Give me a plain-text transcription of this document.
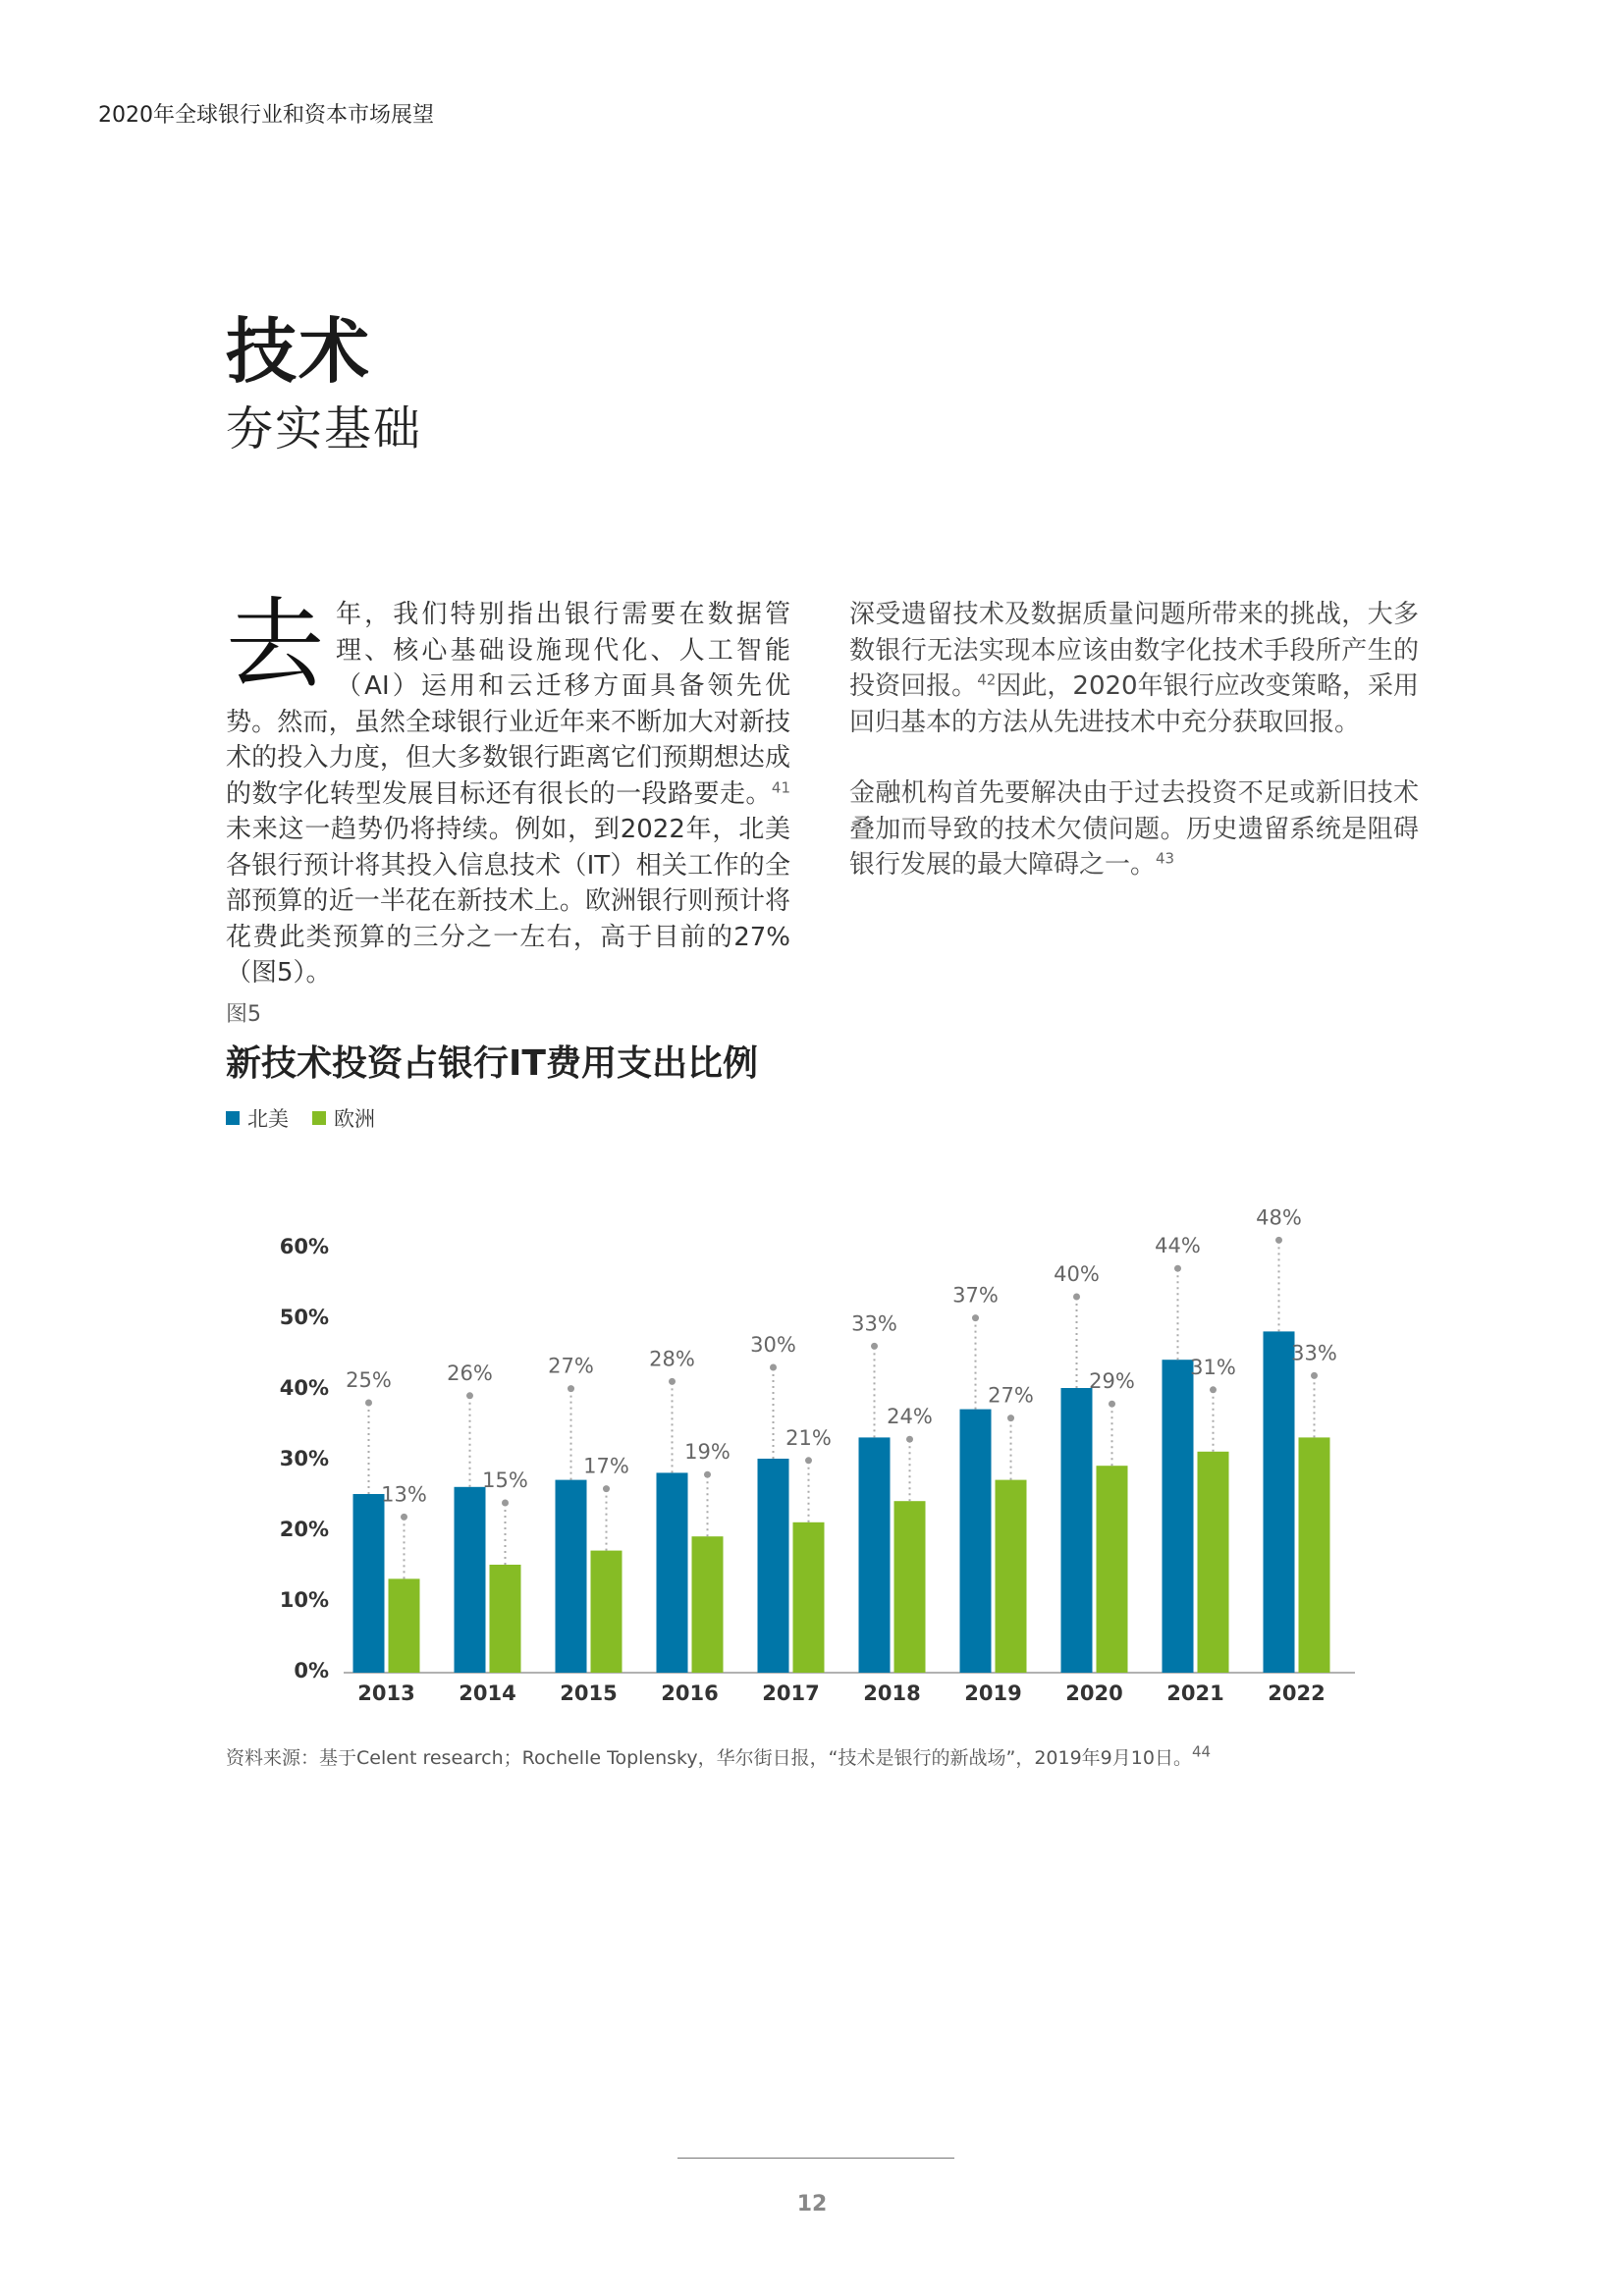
2020年全球银行业和资本市场展望
技术
夯实基础

去年，我们特别指出银行需要在数据管理、核心基础设施现代化、人工智能（AI）运用和云迁移方面具备领先优势。然而，虽然全球银行业近年来不断加大对新技术的投入力度，但大多数银行距离它们预期想达成的数字化转型发展目标还有很长的一段路要走。$^{41}$未来这一趋势仍将持续。例如，到2022年，北美各银行预计将其投入信息技术（IT）相关工作的全部预算的近一半花在新技术上。欧洲银行则预计将花费此类预算的三分之一左右，高于目前的27%（图5）。

深受遗留技术及数据质量问题所带来的挑战，大多数银行无法实现本应该由数字化技术手段所产生的投资回报。$^{42}$因此，2020年银行应改变策略，采用回归基本的方法从先进技术中充分获取回报。

金融机构首先要解决由于过去投资不足或新旧技术叠加而导致的技术欠债问题。历史遗留系统是阻碍银行发展的最大障碍之一。$^{43}$

图5
新技术投资占银行IT费用支出比例
北美 欧洲
0%
10%
20%
30%
40%
50%
60%
25%
13%
2013
26%
15%
2014
27%
17%
2015
28%
19%
2016
30%
21%
2017
33%
24%
2018
37%
27%
2019
40%
29%
2020
44%
31%
2021
48%
33%
2022
资料来源：基于Celent research；Rochelle Toplensky，华尔街日报，“技术是银行的新战场”，2019年9月10日。$^{44}$
12
